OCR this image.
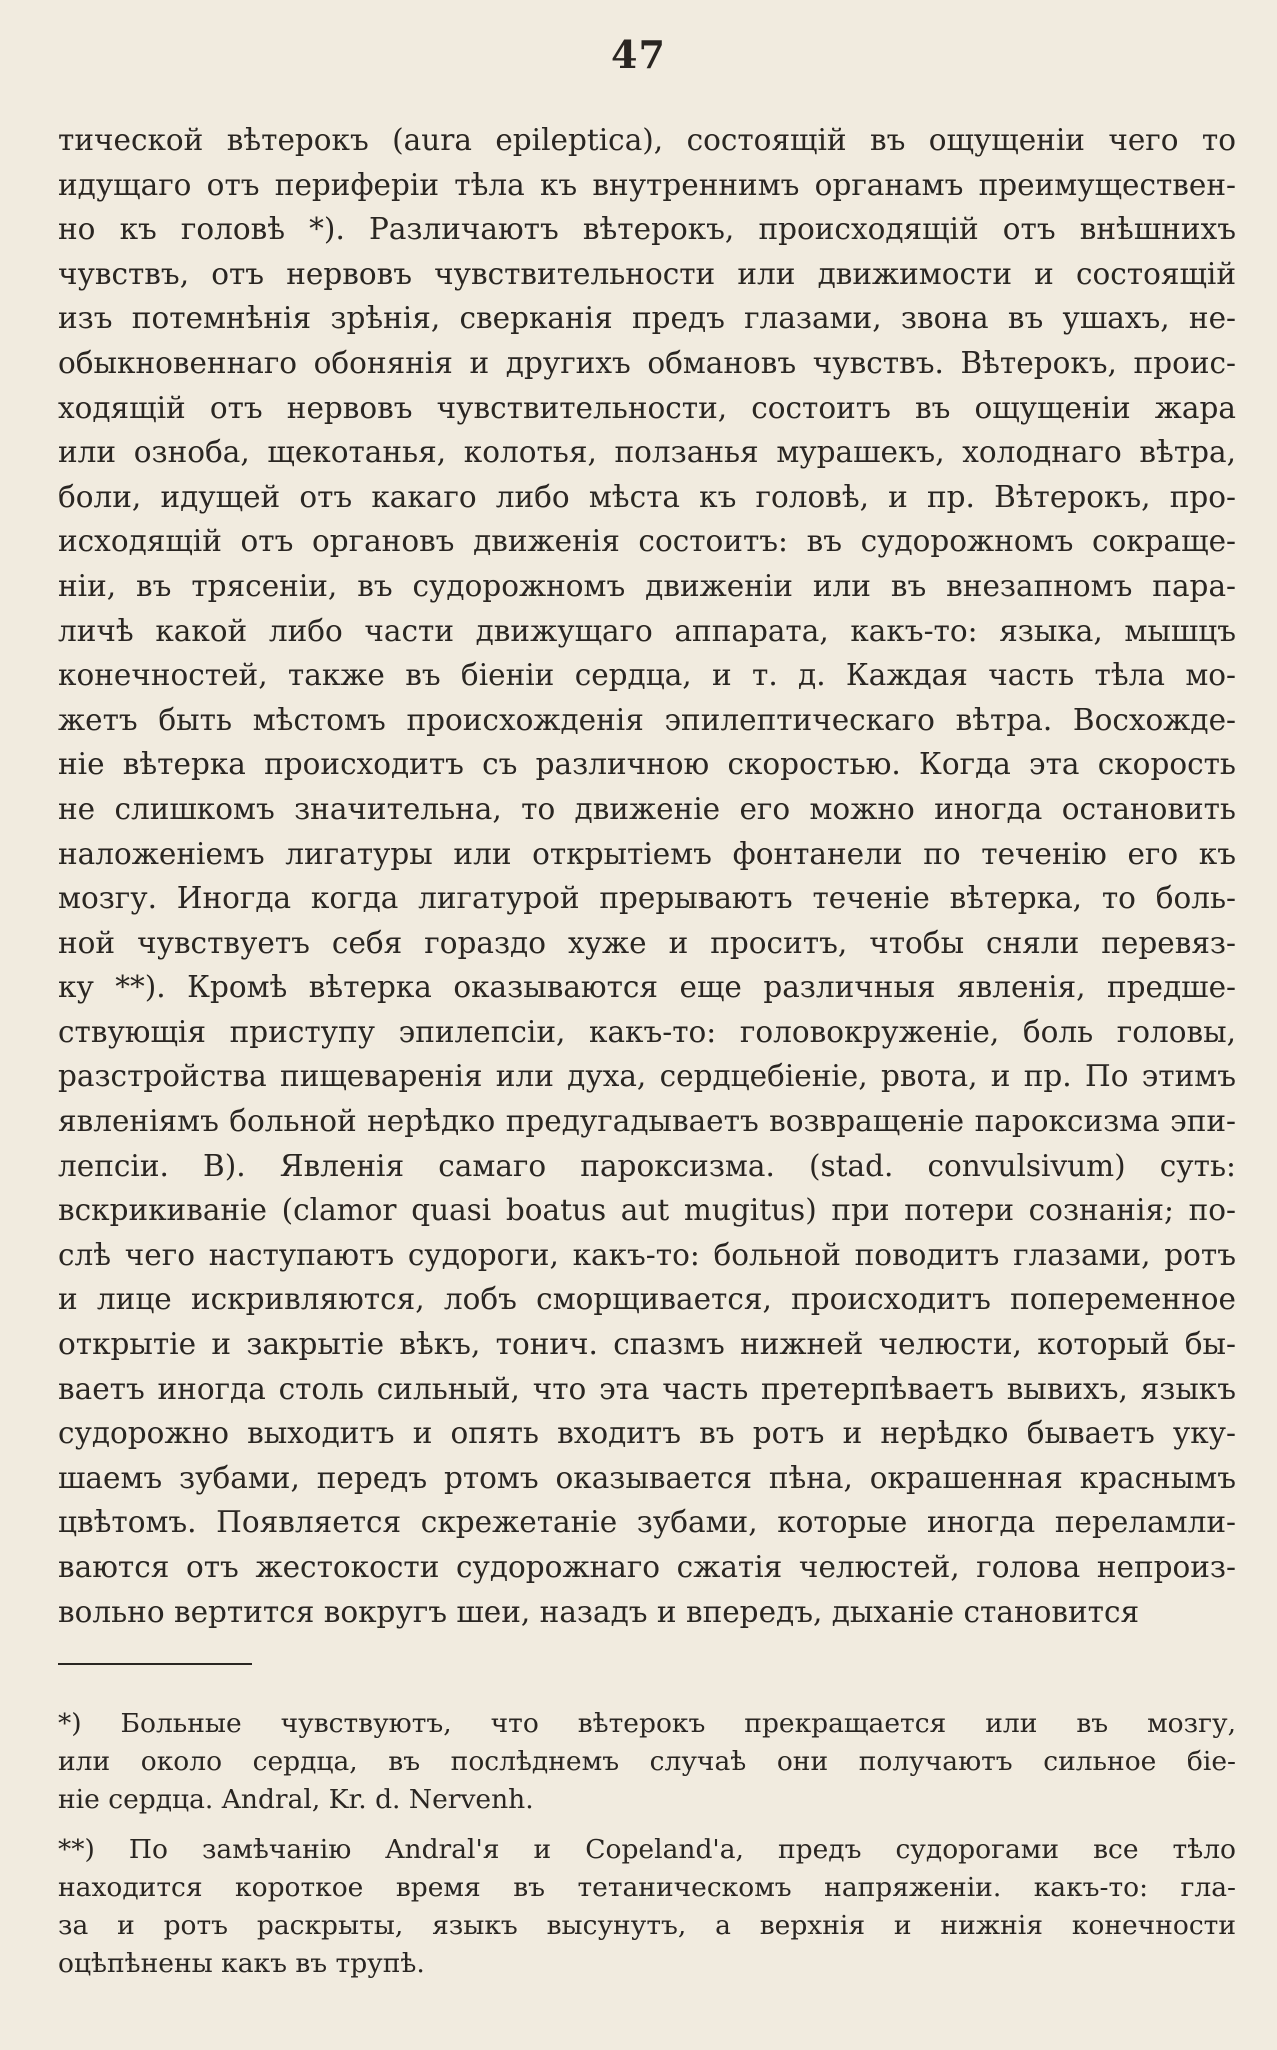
47
тической вѣтерокъ (aura epileptica), состоящій въ ощущеніи чего то
идущаго отъ периферіи тѣла къ внутреннимъ органамъ преимуществен-
но къ головѣ *). Различаютъ вѣтерокъ, происходящій отъ внѣшнихъ
чувствъ, отъ нервовъ чувствительности или движимости и состоящій
изъ потемнѣнія зрѣнія, сверканія предъ глазами, звона въ ушахъ, не-
обыкновеннаго обонянія и другихъ обмановъ чувствъ. Вѣтерокъ, проис-
ходящій отъ нервовъ чувствительности, состоитъ въ ощущеніи жара
или озноба, щекотанья, колотья, ползанья мурашекъ, холоднаго вѣтра,
боли, идущей отъ какаго либо мѣста къ головѣ, и пр. Вѣтерокъ, про-
исходящій отъ органовъ движенія состоитъ: въ судорожномъ сокраще-
ніи, въ трясеніи, въ судорожномъ движеніи или въ внезапномъ пара-
личѣ какой либо части движущаго аппарата, какъ-то: языка, мышцъ
конечностей, также въ біеніи сердца, и т. д. Каждая часть тѣла мо-
жетъ быть мѣстомъ происхожденія эпилептическаго вѣтра. Восхожде-
ніе вѣтерка происходитъ съ различною скоростью. Когда эта скорость
не слишкомъ значительна, то движеніе его можно иногда остановить
наложеніемъ лигатуры или открытіемъ фонтанели по теченію его къ
мозгу. Иногда когда лигатурой прерываютъ теченіе вѣтерка, то боль-
ной чувствуетъ себя гораздо хуже и проситъ, чтобы сняли перевяз-
ку **). Кромѣ вѣтерка оказываются еще различныя явленія, предше-
ствующія приступу эпилепсіи, какъ-то: головокруженіе, боль головы,
разстройства пищеваренія или духа, сердцебіеніе, рвота, и пр. По этимъ
явленіямъ больной нерѣдко предугадываетъ возвращеніе пароксизма эпи-
лепсіи. В). Явленія самаго пароксизма. (stad. convulsivum) суть:
вскрикиваніе (clamor quasi boatus aut mugitus) при потери сознанія; по-
слѣ чего наступаютъ судороги, какъ-то: больной поводитъ глазами, ротъ
и лице искривляются, лобъ сморщивается, происходитъ попеременное
открытіе и закрытіе вѣкъ, тонич. спазмъ нижней челюсти, который бы-
ваетъ иногда столь сильный, что эта часть претерпѣваетъ вывихъ, языкъ
судорожно выходитъ и опять входитъ въ ротъ и нерѣдко бываетъ уку-
шаемъ зубами, передъ ртомъ оказывается пѣна, окрашенная краснымъ
цвѣтомъ. Появляется скрежетаніе зубами, которые иногда переламли-
ваются отъ жестокости судорожнаго сжатія челюстей, голова непроиз-
вольно вертится вокругъ шеи, назадъ и впередъ, дыханіе становится
*) Больные чувствуютъ, что вѣтерокъ прекращается или въ мозгу,
или около сердца, въ послѣднемъ случаѣ они получаютъ сильное біе-
ніе сердца. Andral, Kr. d. Nervenh.
**) По замѣчанію Andral'я и Copeland'а, предъ судорогами все тѣло
находится короткое время въ тетаническомъ напряженіи. какъ-то: гла-
за и ротъ раскрыты, языкъ высунутъ, а верхнія и нижнія конечности
оцѣпѣнены какъ въ трупѣ.
